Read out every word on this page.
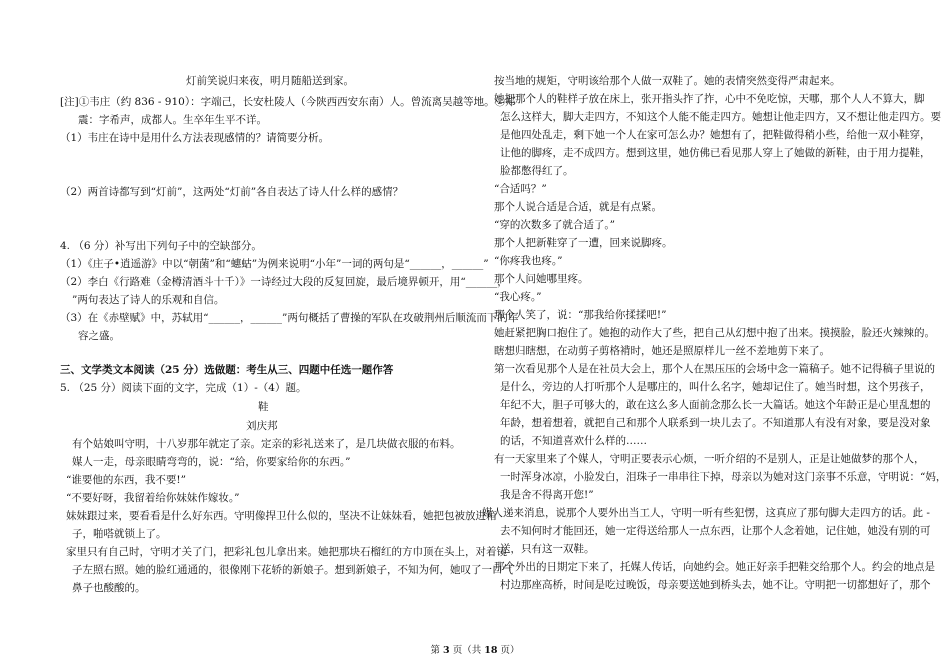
灯前笑说归来夜，明月随船送到家。
[注]①韦庄（约 836 - 910）：字端己，长安杜陵人（今陕西西安东南）人。曾流离吴越等地。②郑
震：字希声，成都人。生卒年生平不详。
（1）韦庄在诗中是用什么方法表现感情的？请简要分析。
（2）两首诗都写到“灯前”，这两处“灯前”各自表达了诗人什么样的感情？
4. （6 分）补写出下列句子中的空缺部分。
（1）《庄子•逍遥游》中以“朝菌”和“蟪蛄”为例来说明“小年”一词的两句是“______，______”
（2）李白《行路难（金樽清酒斗十千）》一诗经过大段的反复回旋，最后境界顿开，用“______，
”两句表达了诗人的乐观和自信。
（3）在《赤壁赋》中，苏轼用“______，______”两句概括了曹操的军队在攻破荆州后顺流而下的军
容之盛。
三、文学类文本阅读（25 分）选做题：考生从三、四题中任选一题作答
5. （25 分）阅读下面的文字，完成（1）-（4）题。
鞋
刘庆邦
有个姑娘叫守明，十八岁那年就定了亲。定亲的彩礼送来了，是几块做衣服的布料。
媒人一走，母亲眼睛弯弯的，说：“给，你要家给你的东西。”
“谁要他的东西，我不要!”
“不要好呀，我留着给你妹妹作嫁妆。”
妹妹跟过来，要看看是什么好东西。守明像捍卫什么似的，坚决不让妹妹看，她把包被放进箱
子，啪嗒就锁上了。
家里只有自己时，守明才关了门，把彩礼包儿拿出来。她把那块石榴红的方巾顶在头上，对着镜
子左照右照。她的脸红通通的，很像刚下花轿的新娘子。想到新娘子，不知为何，她叹了一口气
鼻子也酸酸的。
按当地的规矩，守明该给那个人做一双鞋了。她的表情突然变得严肃起来。
她把那个人的鞋样子放在床上，张开指头拃了拃，心中不免吃惊，天哪，那个人人不算大，脚
怎么这样大，脚大走四方，不知这个人能不能走四方。她想让他走四方，又不想让他走四方。要
是他四处乱走，剩下她一个人在家可怎么办？她想有了，把鞋做得稍小些，给他一双小鞋穿，
让他的脚疼，走不成四方。想到这里，她仿佛已看见那人穿上了她做的新鞋，由于用力提鞋，
脸都憋得红了。
“合适吗？”
那个人说合适是合适，就是有点紧。
“穿的次数多了就合适了。”
那个人把新鞋穿了一遭，回来说脚疼。
“你疼我也疼。”
那个人问她哪里疼。
“我心疼。”
那个人笑了，说：“那我给你揉揉吧!”
她赶紧把胸口抱住了。她抱的动作大了些，把自己从幻想中抱了出来。摸摸脸，脸还火辣辣的。
瞎想归瞎想，在动剪子剪格褙时，她还是照原样儿一丝不差地剪下来了。
第一次看见那个人是在社员大会上，那个人在黑压压的会场中念一篇稿子。她不记得稿子里说的
是什么，旁边的人打听那个人是哪庄的，叫什么名字，她却记住了。她当时想，这个男孩子，
年纪不大，胆子可够大的，敢在这么多人面前念那么长一大篇话。她这个年龄正是心里乱想的
年龄，想着想着，就把自己和那个人联系到一块儿去了。不知道那人有没有对象，要是没对象
的话，不知道喜欢什么样的……
有一天家里来了个媒人，守明正要表示心烦，一听介绍的不是别人，正是让她做梦的那个人，
一时浑身冰凉，小脸发白，泪珠子一串串往下掉，母亲以为她对这门亲事不乐意，守明说：“妈，
我是舍不得离开您!”
媒人递来消息，说那个人要外出当工人，守明一听有些犯愣，这真应了那句脚大走四方的话。此 -
去不知何时才能回还，她一定得送给那人一点东西，让那个人念着她，记住她，她没有别的可
送，只有这一双鞋。
那个外出的日期定下来了，托媒人传话，向她约会。她正好亲手把鞋交给那个人。约会的地点是
村边那座高桥，时间是吃过晚饭，母亲要送她到桥头去，她不让。守明把一切都想好了，那个
第 3 页（共 18 页）
